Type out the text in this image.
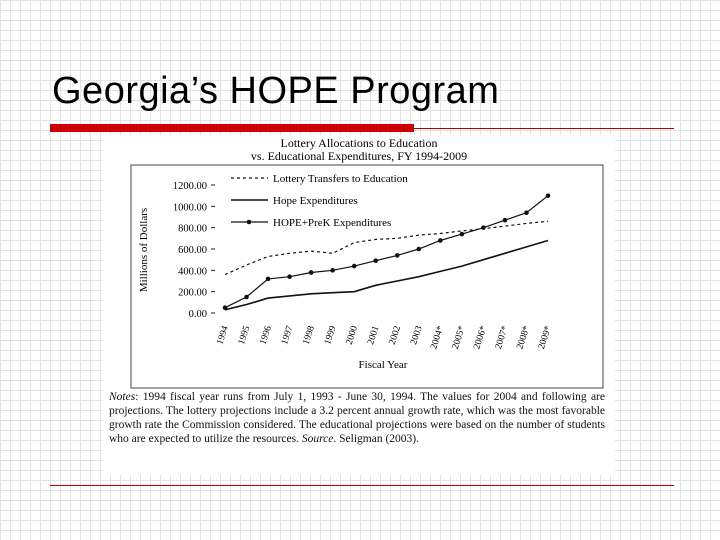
Georgia’s HOPE Program
Lottery Allocations to Education
vs. Educational Expenditures, FY 1994-2009
Millions of Dollars
Fiscal Year
1200.00
1000.00
800.00
600.00
400.00
200.00
0.00
1994 1995 1996 1997 1998 1999 2000 2001 2002 2003 2004* 2005* 2006* 2007* 2008* 2009*
Lottery Transfers to Education
Hope Expenditures
HOPE+PreK Expenditures
Notes: 1994 fiscal year runs from July 1, 1993 - June 30, 1994. The values for 2004 and following are projections. The lottery projections include a 3.2 percent annual growth rate, which was the most favorable growth rate the Commission considered. The educational projections were based on the number of students who are expected to utilize the resources. Source. Seligman (2003).
